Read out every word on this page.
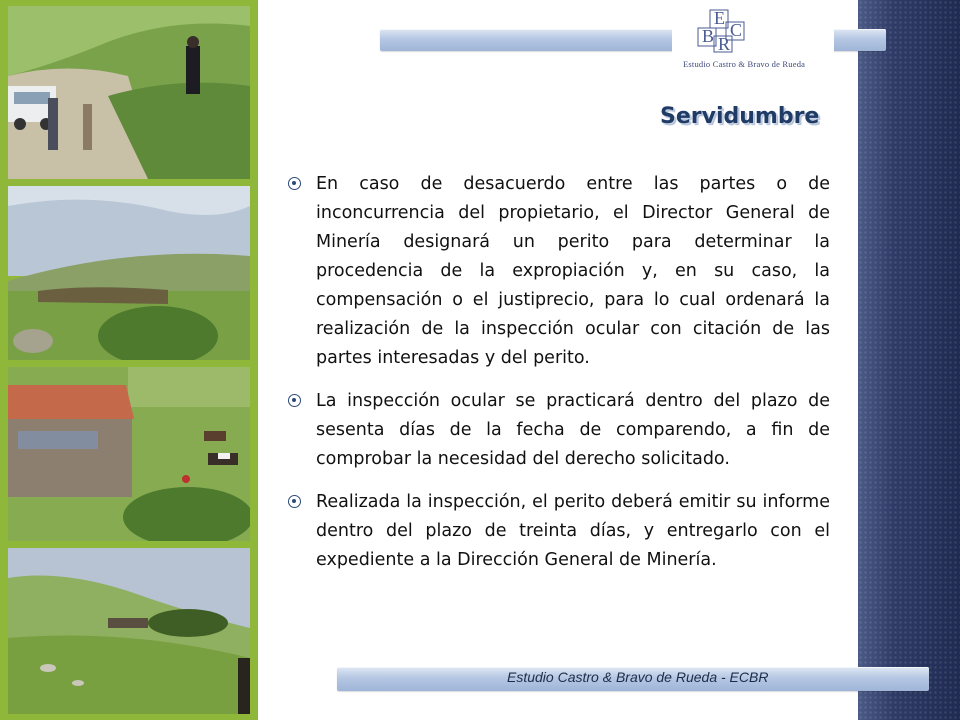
E
C
B R
Estudio Castro & Bravo de Rueda
Servidumbre
En caso de desacuerdo entre las partes o de inconcurrencia del propietario, el Director General de Minería designará un perito para determinar la procedencia de la expropiación y, en su caso, la compensación o el justiprecio, para lo cual ordenará la realización de la inspección ocular con citación de las partes interesadas y del perito.
La inspección ocular se practicará dentro del plazo de sesenta días de la fecha de comparendo, a fin de comprobar la necesidad del derecho solicitado.
Realizada la inspección, el perito deberá emitir su informe dentro del plazo de treinta días, y entregarlo con el expediente a la Dirección General de Minería.
Estudio Castro & Bravo de Rueda - ECBR
